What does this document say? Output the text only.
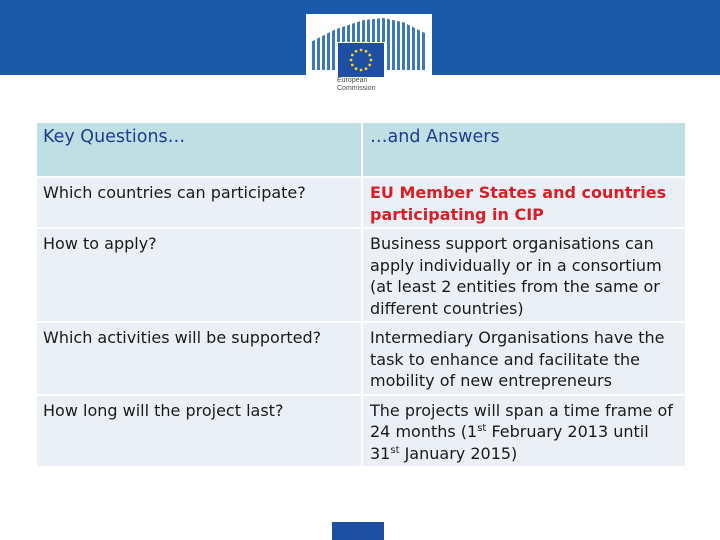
European
Commission
Key Questions…	…and Answers
Which countries can participate?	EU Member States and countries participating in CIP
How to apply?	Business support organisations can apply individually or in a consortium (at least 2 entities from the same or different countries)
Which activities will be supported?	Intermediary Organisations have the task to enhance and facilitate the mobility of new entrepreneurs
How long will the project last?	The projects will span a time frame of 24 months (1st February 2013 until 31st January 2015)
